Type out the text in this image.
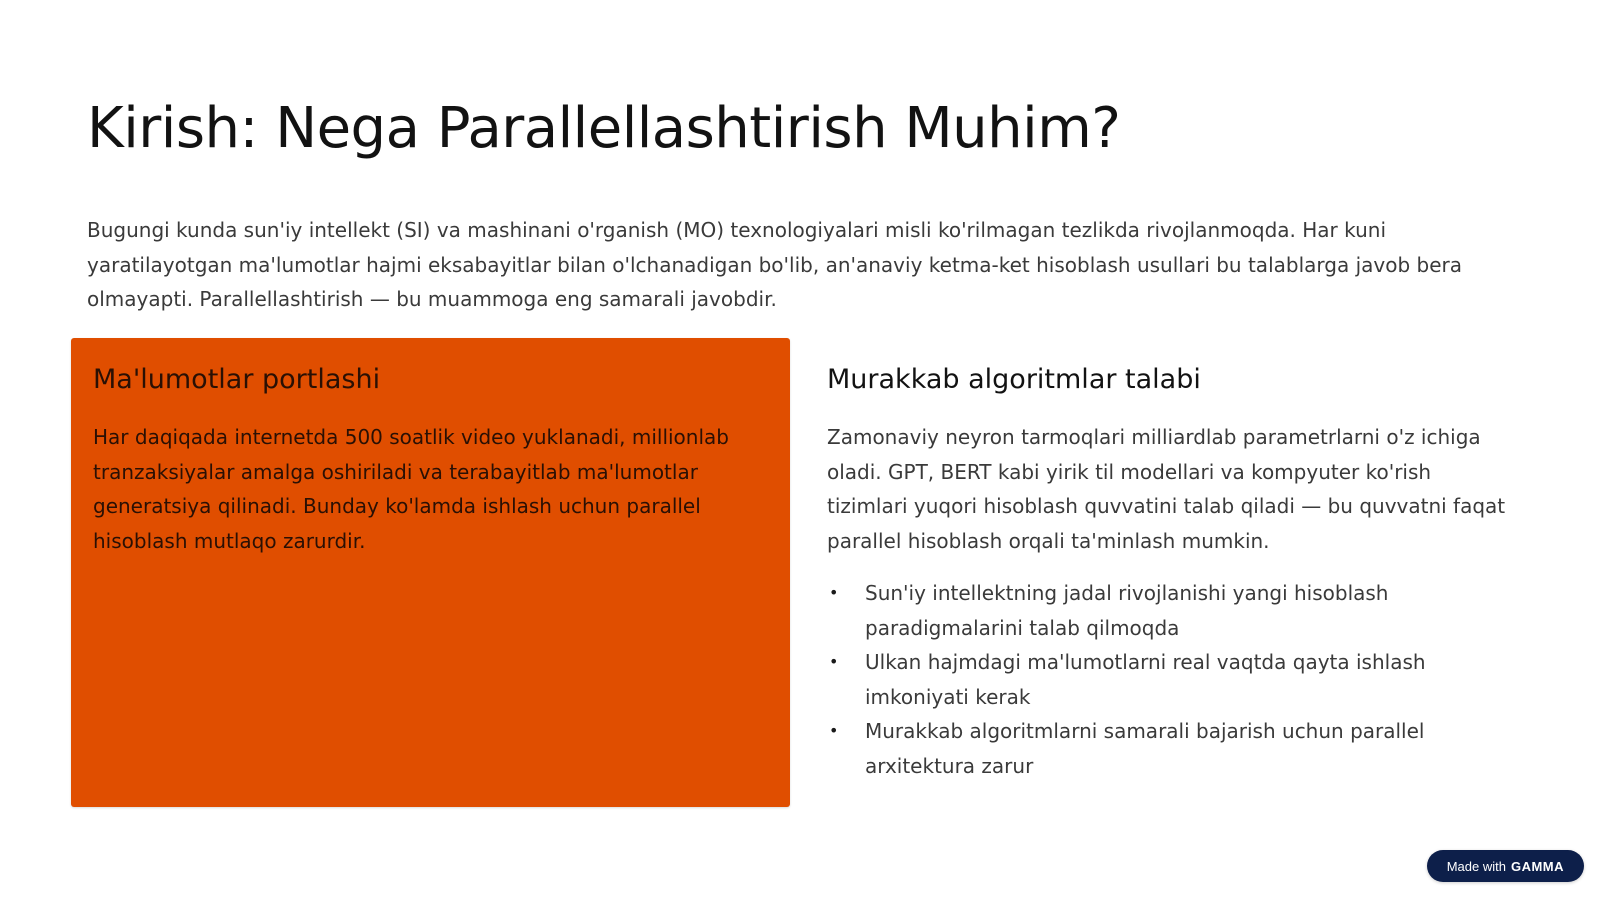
Kirish: Nega Parallellashtirish Muhim?

Bugungi kunda sun'iy intellekt (SI) va mashinani o'rganish (MO) texnologiyalari misli ko'rilmagan tezlikda rivojlanmoqda. Har kuni yaratilayotgan ma'lumotlar hajmi eksabayitlar bilan o'lchanadigan bo'lib, an'anaviy ketma-ket hisoblash usullari bu talablarga javob bera olmayapti. Parallellashtirish — bu muammoga eng samarali javobdir.

Ma'lumotlar portlashi

Har daqiqada internetda 500 soatlik video yuklanadi, millionlab tranzaksiyalar amalga oshiriladi va terabayitlab ma'lumotlar generatsiya qilinadi. Bunday ko'lamda ishlash uchun parallel hisoblash mutlaqo zarurdir.

Murakkab algoritmlar talabi

Zamonaviy neyron tarmoqlari milliardlab parametrlarni o'z ichiga oladi. GPT, BERT kabi yirik til modellari va kompyuter ko'rish tizimlari yuqori hisoblash quvvatini talab qiladi — bu quvvatni faqat parallel hisoblash orqali ta'minlash mumkin.

• Sun'iy intellektning jadal rivojlanishi yangi hisoblash paradigmalarini talab qilmoqda
• Ulkan hajmdagi ma'lumotlarni real vaqtda qayta ishlash imkoniyati kerak
• Murakkab algoritmlarni samarali bajarish uchun parallel arxitektura zarur
Made with GAMMA
